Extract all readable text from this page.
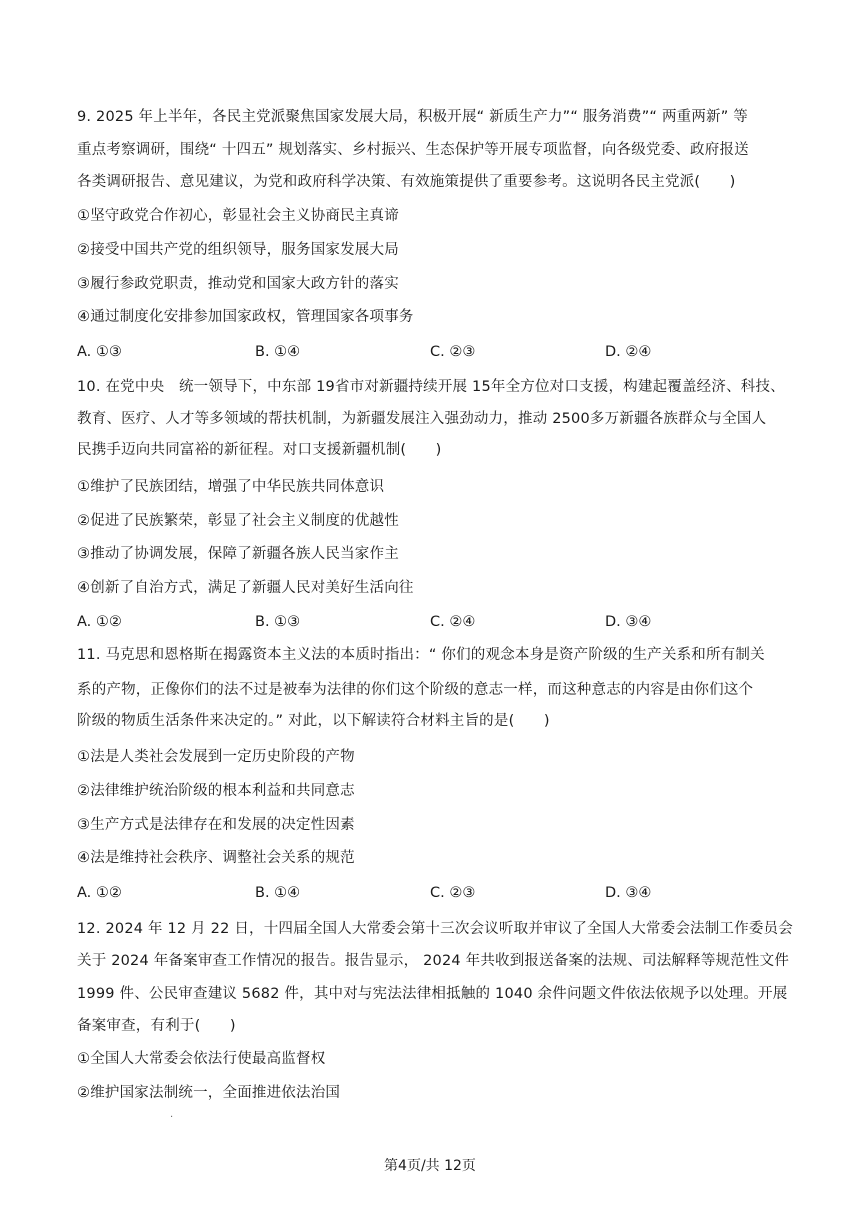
9. 2025 年上半年，各民主党派聚焦国家发展大局，积极开展“ 新质生产力”“ 服务消费”“ 两重两新” 等
重点考察调研，围绕“ 十四五” 规划落实、乡村振兴、生态保护等开展专项监督，向各级党委、政府报送
各类调研报告、意见建议，为党和政府科学决策、有效施策提供了重要参考。这说明各民主党派(　　)
①坚守政党合作初心，彰显社会主义协商民主真谛
②接受中国共产党的组织领导，服务国家发展大局
③履行参政党职责，推动党和国家大政方针的落实
④通过制度化安排参加国家政权，管理国家各项事务
A. ①③	B. ①④	C. ②③	D. ②④
10. 在党中央　统一领导下，中东部 19省市对新疆持续开展 15年全方位对口支援，构建起覆盖经济、科技、
教育、医疗、人才等多领域的帮扶机制，为新疆发展注入强劲动力，推动 2500多万新疆各族群众与全国人
民携手迈向共同富裕的新征程。对口支援新疆机制(　　)
①维护了民族团结，增强了中华民族共同体意识
②促进了民族繁荣，彰显了社会主义制度的优越性
③推动了协调发展，保障了新疆各族人民当家作主
④创新了自治方式，满足了新疆人民对美好生活向往
A. ①②	B. ①③	C. ②④	D. ③④
11. 马克思和恩格斯在揭露资本主义法的本质时指出：“ 你们的观念本身是资产阶级的生产关系和所有制关
系的产物，正像你们的法不过是被奉为法律的你们这个阶级的意志一样，而这种意志的内容是由你们这个
阶级的物质生活条件来决定的。” 对此，以下解读符合材料主旨的是(　　)
①法是人类社会发展到一定历史阶段的产物
②法律维护统治阶级的根本利益和共同意志
③生产方式是法律存在和发展的决定性因素
④法是维持社会秩序、调整社会关系的规范
A. ①②	B. ①④	C. ②③	D. ③④
12. 2024 年 12 月 22 日，十四届全国人大常委会第十三次会议听取并审议了全国人大常委会法制工作委员会
关于 2024 年备案审查工作情况的报告。报告显示， 2024 年共收到报送备案的法规、司法解释等规范性文件
1999 件、公民审查建议 5682 件，其中对与宪法法律相抵触的 1040 余件问题文件依法依规予以处理。开展
备案审查，有利于(　　)
①全国人大常委会依法行使最高监督权
②维护国家法制统一，全面推进依法治国
·
第4页/共 12页
